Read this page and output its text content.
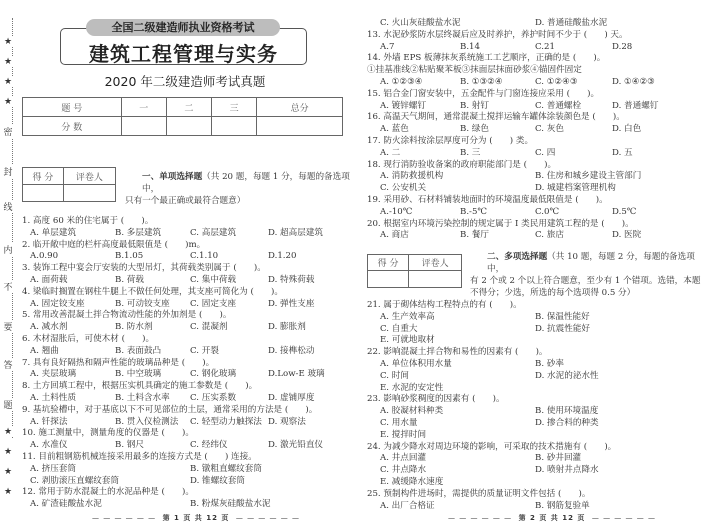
★
★
★
★
密
封
线
内
不
要
答
题
★
★
★
★
全国二级建造师执业资格考试
建筑工程管理与实务
2020 年二级建造师考试真题
题 号	一	二	三	总分
分 数				
得 分	评卷人
		一、单项选择题（共 20 题，每题 1 分，每题的备选项中，
只有一个最正确或最符合题意）
1. 高度 60 米的住宅属于 (　　)。
A. 单层建筑	B. 多层建筑	C. 高层建筑	D. 超高层建筑
2. 临开敞中庭的栏杆高度最低限值是 (　　)m。
A.0.90	B.1.05	C.1.10	D.1.20
3. 装饰工程中宴会厅安装的大型吊灯，其荷载类别属于 (　　)。
A. 面荷载	B. 荷载	C. 集中荷载	D. 特殊荷载
4. 梁临时搁置在钢柱牛腿上不做任何处理，其支座可简化为 (　　)。
A. 固定铰支座	B. 可动铰支座 C. 固定支座	D. 弹性支座
5. 常用改善混凝土拌合物流动性能的外加剂是 (　　)。
A. 减水剂	B. 防水剂	C. 混凝剂	D. 膨胀剂
6. 木材湿胀后，可使木材 (　　)。
A. 翘曲	B. 表面鼓凸	C. 开裂	D. 接榫松动
7. 具有良好隔热和隔声性能的玻璃品种是 (　　)。
A. 夹层玻璃	B. 中空玻璃	C. 钢化玻璃	D.Low-E 玻璃
8. 土方回填工程中，根据压实机具确定的施工参数是 (　　)。
A. 土料性质	B. 土料含水率 C. 压实系数	D. 虚铺厚度
9. 基坑验槽中，对于基底以下不可见部位的土层，通常采用的方法是 (　　)。
A. 钎探法	B. 贯入仪检测法 C. 轻型动力触探法 D. 观察法
10. 施工测量中，测量角度的仪器是 (　　)。
A. 水准仪	B. 钢尺	C. 经纬仪	D. 激光铅直仪
11. 目前粗钢筋机械连接采用最多的连接方式是 (　　) 连接。
A. 挤压套筒	B. 镦粗直螺纹套筒
C. 剥肋滚压直螺纹套筒	D. 锥螺纹套筒
12. 常用于防水混凝土的水泥品种是 (　　)。
A. 矿渣硅酸盐水泥	B. 粉煤灰硅酸盐水泥
C. 火山灰硅酸盐水泥	D. 普通硅酸盐水泥
13. 水泥砂浆防水层终凝后应及时养护，养护时间不少于 (　　) 天。
A.7	B.14	C.21	D.28
14. 外墙 EPS 板薄抹灰系统施工工艺顺序，正确的是 (　　)。
①挂基准线②粘贴聚苯板③抹面层抹面砂浆④锚固件固定
A. ①②③④	B. ①③②④	C. ①②④③	D. ①④②③
15. 铝合金门窗安装中，五金配件与门窗连接应采用 (　　)。
A. 镀锌螺钉	B. 射钉	C. 普通螺栓	D. 普通螺钉
16. 高温天气期间，通常混凝土搅拌运输车罐体涂装颜色是 (　　)。
A. 蓝色	B. 绿色	C. 灰色	D. 白色
17. 防火涂料按涂层厚度可分为 (　　) 类。
A. 二	B. 三	C. 四	D. 五
18. 现行消防验收备案的政府职能部门是 (　　)。
A. 消防救援机构	B. 住房和城乡建设主管部门
C. 公安机关	D. 城建档案管理机构
19. 采用砂、石材料铺装地面时的环境温度最低限值是 (　　)。
A.-10℃	B.-5℃	C.0℃	D.5℃
20. 根据室内环境污染控制的规定属于 I 类民用建筑工程的是 (　　)。
A. 商店	B. 餐厅	C. 旅店	D. 医院
得 分	评卷人

二、多项选择题（共 10 题，每题 2 分，每题的备选项中，
有 2 个或 2 个以上符合题意，至少有 1 个错项。选错，本题
不得分；少选，所选的每个选项得 0.5 分）
21. 属于砌体结构工程特点的有 (　　)。
A. 生产效率高	B. 保温性能好
C. 自重大	D. 抗震性能好
E. 可就地取材
22. 影响混凝土拌合物和易性的因素有 (　　)。
A. 单位体积用水量	B. 砂率
C. 时间	D. 水泥的泌水性
E. 水泥的安定性
23. 影响砂浆稠度的因素有 (　　)。
A. 胶凝材料种类	B. 使用环境温度
C. 用水量	D. 掺合料的种类
E. 搅拌时间
24. 为减少降水对周边环境的影响，可采取的技术措施有 (　　)。
A. 井点回灌	B. 砂井回灌
C. 井点降水	D. 喷射井点降水
E. 减缓降水速度
25. 预制构件进场时，需提供的质量证明文件包括 (　　)。
A. 出厂合格证	B. 钢筋复验单
— — — — — — 第 1 页 共 12 页 — — — — — —	— — — — — — 第 2 页 共 12 页 — — — — — —
